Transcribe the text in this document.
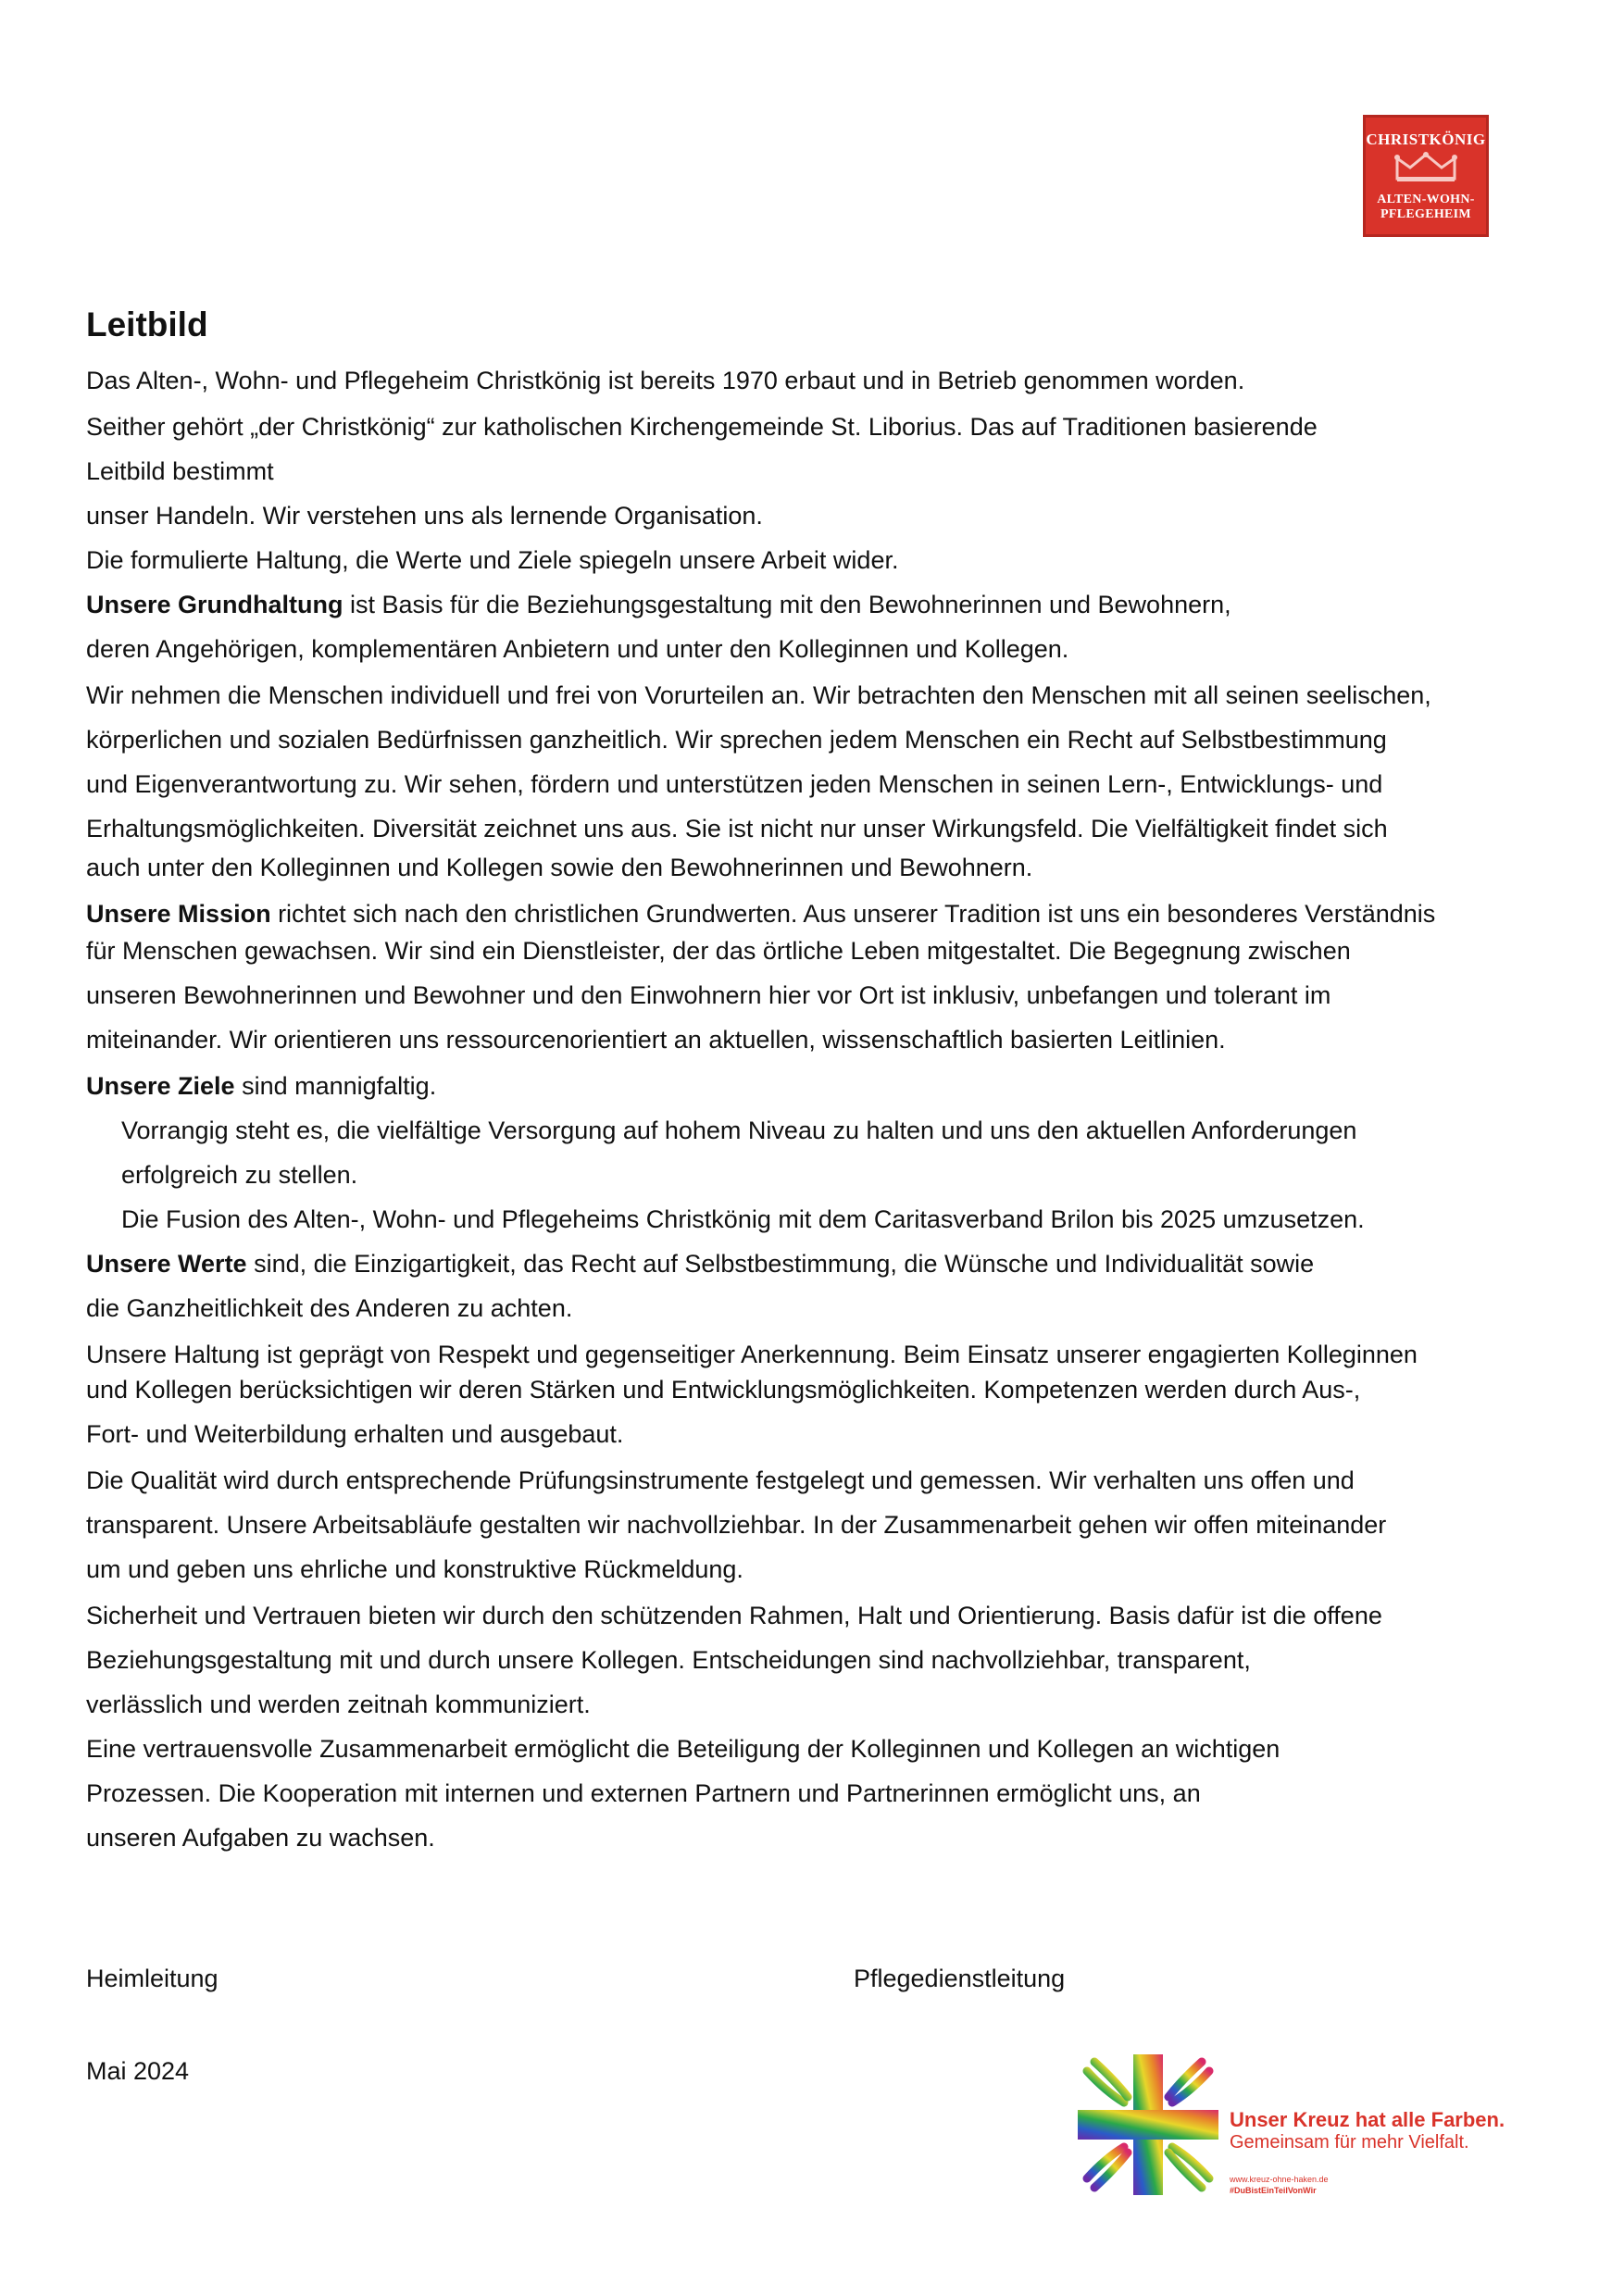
CHRISTKÖNIG
ALTEN-WOHN-
PFLEGEHEIM
Leitbild
Das Alten-, Wohn- und Pflegeheim Christkönig ist bereits 1970 erbaut und in Betrieb genommen worden.
Seither gehört „der Christkönig“ zur katholischen Kirchengemeinde St. Liborius. Das auf Traditionen basierende
Leitbild bestimmt
unser Handeln. Wir verstehen uns als lernende Organisation.
Die formulierte Haltung, die Werte und Ziele spiegeln unsere Arbeit wider.
Unsere Grundhaltung ist Basis für die Beziehungsgestaltung mit den Bewohnerinnen und Bewohnern,
deren Angehörigen, komplementären Anbietern und unter den Kolleginnen und Kollegen.
Wir nehmen die Menschen individuell und frei von Vorurteilen an. Wir betrachten den Menschen mit all seinen seelischen,
körperlichen und sozialen Bedürfnissen ganzheitlich. Wir sprechen jedem Menschen ein Recht auf Selbstbestimmung
und Eigenverantwortung zu. Wir sehen, fördern und unterstützen jeden Menschen in seinen Lern-, Entwicklungs- und
Erhaltungsmöglichkeiten. Diversität zeichnet uns aus. Sie ist nicht nur unser Wirkungsfeld. Die Vielfältigkeit findet sich
auch unter den Kolleginnen und Kollegen sowie den Bewohnerinnen und Bewohnern.
Unsere Mission richtet sich nach den christlichen Grundwerten. Aus unserer Tradition ist uns ein besonderes Verständnis
für Menschen gewachsen. Wir sind ein Dienstleister, der das örtliche Leben mitgestaltet. Die Begegnung zwischen
unseren Bewohnerinnen und Bewohner und den Einwohnern hier vor Ort ist inklusiv, unbefangen und tolerant im
miteinander. Wir orientieren uns ressourcenorientiert an aktuellen, wissenschaftlich basierten Leitlinien.
Unsere Ziele sind mannigfaltig.
Vorrangig steht es, die vielfältige Versorgung auf hohem Niveau zu halten und uns den aktuellen Anforderungen
erfolgreich zu stellen.
Die Fusion des Alten-, Wohn- und Pflegeheims Christkönig mit dem Caritasverband Brilon bis 2025 umzusetzen.
Unsere Werte sind, die Einzigartigkeit, das Recht auf Selbstbestimmung, die Wünsche und Individualität sowie
die Ganzheitlichkeit des Anderen zu achten.
Unsere Haltung ist geprägt von Respekt und gegenseitiger Anerkennung. Beim Einsatz unserer engagierten Kolleginnen
und Kollegen berücksichtigen wir deren Stärken und Entwicklungsmöglichkeiten. Kompetenzen werden durch Aus-,
Fort- und Weiterbildung erhalten und ausgebaut.
Die Qualität wird durch entsprechende Prüfungsinstrumente festgelegt und gemessen. Wir verhalten uns offen und
transparent. Unsere Arbeitsabläufe gestalten wir nachvollziehbar. In der Zusammenarbeit gehen wir offen miteinander
um und geben uns ehrliche und konstruktive Rückmeldung.
Sicherheit und Vertrauen bieten wir durch den schützenden Rahmen, Halt und Orientierung. Basis dafür ist die offene
Beziehungsgestaltung mit und durch unsere Kollegen. Entscheidungen sind nachvollziehbar, transparent,
verlässlich und werden zeitnah kommuniziert.
Eine vertrauensvolle Zusammenarbeit ermöglicht die Beteiligung der Kolleginnen und Kollegen an wichtigen
Prozessen. Die Kooperation mit internen und externen Partnern und Partnerinnen ermöglicht uns, an
unseren Aufgaben zu wachsen.
Heimleitung	Pflegedienstleitung
Mai 2024
Unser Kreuz hat alle Farben.
Gemeinsam für mehr Vielfalt.
www.kreuz-ohne-haken.de
#DuBistEinTeilVonWir
